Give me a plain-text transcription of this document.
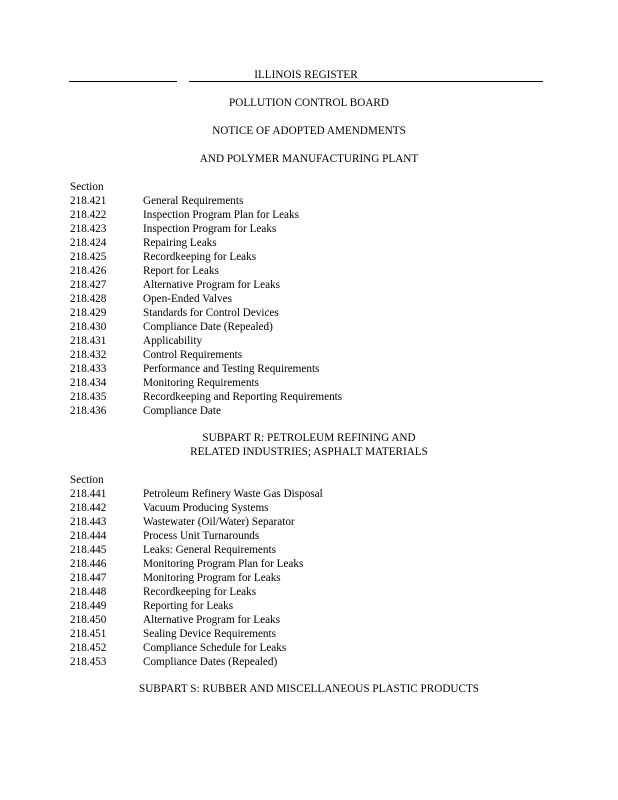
ILLINOIS REGISTER
POLLUTION CONTROL BOARD
NOTICE OF ADOPTED AMENDMENTS
AND POLYMER MANUFACTURING PLANT
Section
218.421	General Requirements
218.422	Inspection Program Plan for Leaks
218.423	Inspection Program for Leaks
218.424	Repairing Leaks
218.425	Recordkeeping for Leaks
218.426	Report for Leaks
218.427	Alternative Program for Leaks
218.428	Open-Ended Valves
218.429	Standards for Control Devices
218.430	Compliance Date (Repealed)
218.431	Applicability
218.432	Control Requirements
218.433	Performance and Testing Requirements
218.434	Monitoring Requirements
218.435	Recordkeeping and Reporting Requirements
218.436	Compliance Date
SUBPART R: PETROLEUM REFINING AND
RELATED INDUSTRIES; ASPHALT MATERIALS
Section
218.441	Petroleum Refinery Waste Gas Disposal
218.442	Vacuum Producing Systems
218.443	Wastewater (Oil/Water) Separator
218.444	Process Unit Turnarounds
218.445	Leaks: General Requirements
218.446	Monitoring Program Plan for Leaks
218.447	Monitoring Program for Leaks
218.448	Recordkeeping for Leaks
218.449	Reporting for Leaks
218.450	Alternative Program for Leaks
218.451	Sealing Device Requirements
218.452	Compliance Schedule for Leaks
218.453	Compliance Dates (Repealed)
SUBPART S: RUBBER AND MISCELLANEOUS PLASTIC PRODUCTS
